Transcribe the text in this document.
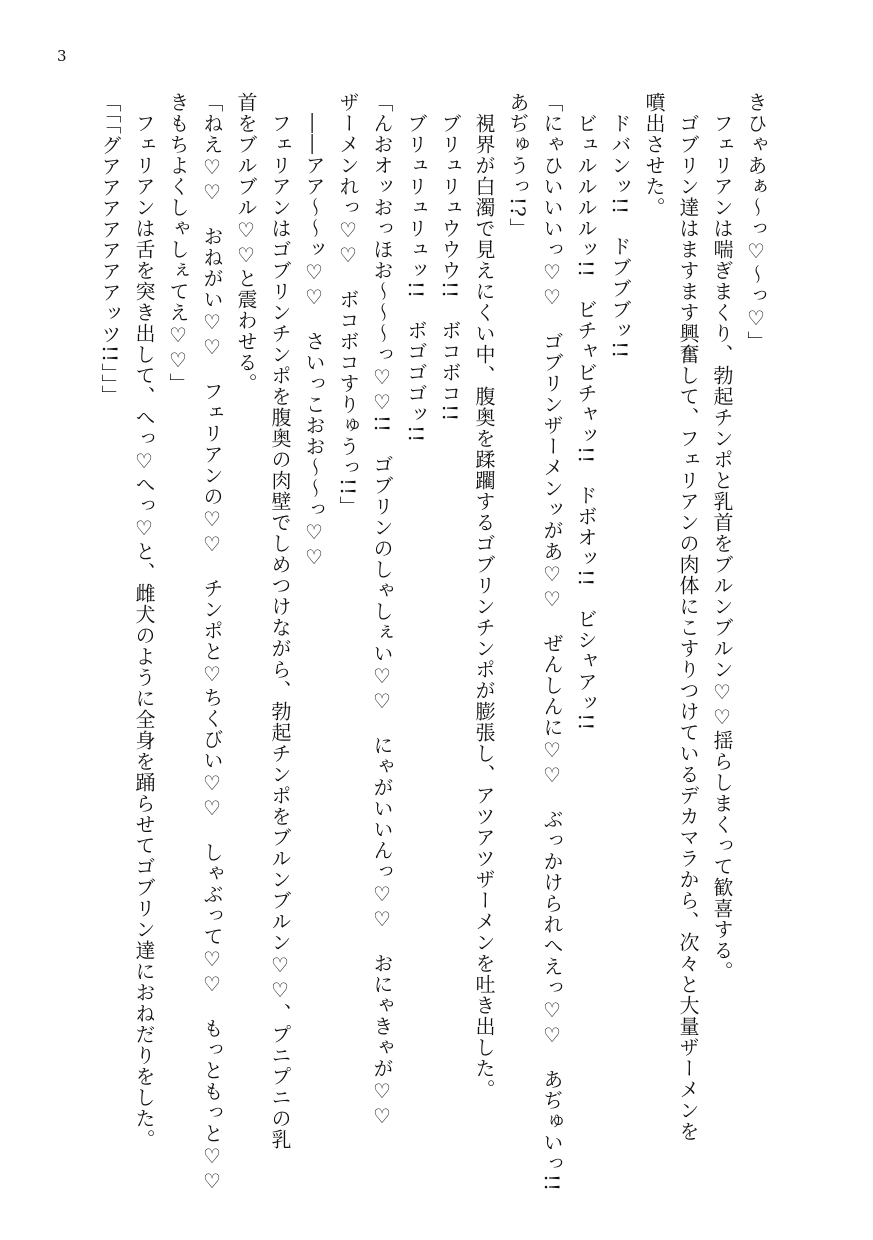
3
きひゃあぁ〜っ♡〜っ♡」
　フェリアンは喘ぎまくり、勃起チンポと乳首をブルンブルン♡♡揺らしまくって歓喜する。
　ゴブリン達はますます興奮して、フェリアンの肉体にこすりつけているデカマラから、次々と大量ザーメンを
噴出させた。
　ドバンッ!!　ドブブブッ!!
　ビュルルルルッ!!　ビチャビチャッ!!　ドボオッ!!　ビシャアッ!!
「にゃひいいいっ♡♡　ゴブリンザーメンッがあ♡♡　ぜんしんに♡♡　ぶっかけられへえっ♡♡　あぢゅいっ!!
あぢゅうっ!?」
　視界が白濁で見えにくい中、腹奥を蹂躙するゴブリンチンポが膨張し、アツアツザーメンを吐き出した。
　ブリュリュウウウ!!　ボコボコ!!
　ブリュリュリュッ!!　ボゴゴゴッ!!
「んおオッおっほお〜〜〜っ♡♡!!　ゴブリンのしゃしぇい♡♡　にゃがいいんっ♡♡　おにゃきゃが♡♡
ザーメンれっ♡♡　ボコボコすりゅうっ!!」
　――アア〜〜ッ♡♡　さいっこおお〜〜っ♡♡
　フェリアンはゴブリンチンポを腹奥の肉壁でしめつけながら、勃起チンポをブルンブルン♡♡、プニプニの乳
首をブルブル♡♡と震わせる。
「ねえ♡♡　おねがい♡♡　フェリアンの♡♡　チンポと♡ちくびい♡♡　しゃぶって♡♡　もっともっと♡♡
きもちよくしゃしぇてえ♡♡」
　フェリアンは舌を突き出して、へっ♡へっ♡と、雌犬のように全身を踊らせてゴブリン達におねだりをした。
「「「グアアアアアアアッツ!!」」」
